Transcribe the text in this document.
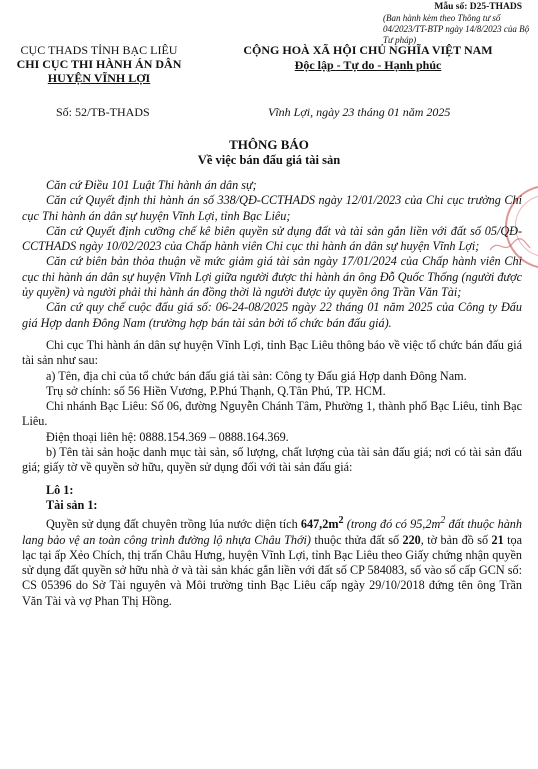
Mẫu số: D25-THADS
(Ban hành kèm theo Thông tư số 04/2023/TT-BTP ngày 14/8/2023 của Bộ Tư pháp)
CỤC THADS TỈNH BẠC LIÊU
CHI CỤC THI HÀNH ÁN DÂN
HUYỆN VĨNH LỢI
CỘNG HOÀ XÃ HỘI CHỦ NGHĨA VIỆT NAM
Độc lập - Tự do - Hạnh phúc
Số: 52/TB-THADS	Vĩnh Lợi, ngày 23 tháng 01 năm 2025
THÔNG BÁO
Về việc bán đấu giá tài sản

Căn cứ Điều 101 Luật Thi hành án dân sự;

Căn cứ Quyết định thi hành án số 338/QĐ-CCTHADS ngày 12/01/2023 của Chi cục trưởng Chi cục Thi hành án dân sự huyện Vĩnh Lợi, tỉnh Bạc Liêu;

Căn cứ Quyết định cưỡng chế kê biên quyền sử dụng đất và tài sản gắn liền với đất số 05/QĐ-CCTHADS ngày 10/02/2023 của Chấp hành viên Chi cục thi hành án dân sự huyện Vĩnh Lợi;

Căn cứ biên bản thỏa thuận về mức giảm giá tài sản ngày 17/01/2024 của Chấp hành viên Chi cục thi hành án dân sự huyện Vĩnh Lợi giữa người được thi hành án ông Đỗ Quốc Thống (người được ủy quyền) và người phải thi hành án đồng thời là người được ủy quyền ông Trần Văn Tài;

Căn cứ quy chế cuộc đấu giá số: 06-24-08/2025 ngày 22 tháng 01 năm 2025 của Công ty Đấu giá Hợp danh Đông Nam (trường hợp bán tài sản bởi tổ chức bán đấu giá).

Chi cục Thi hành án dân sự huyện Vĩnh Lợi, tỉnh Bạc Liêu thông báo về việc tổ chức bán đấu giá tài sản như sau:

a) Tên, địa chỉ của tổ chức bán đấu giá tài sản: Công ty Đấu giá Hợp danh Đông Nam.

Trụ sở chính: số 56 Hiền Vương, P.Phú Thạnh, Q.Tân Phú, TP. HCM.

Chi nhánh Bạc Liêu: Số 06, đường Nguyễn Chánh Tâm, Phường 1, thành phố Bạc Liêu, tỉnh Bạc Liêu.

Điện thoại liên hệ: 0888.154.369 – 0888.164.369.

b) Tên tài sản hoặc danh mục tài sản, số lượng, chất lượng của tài sản đấu giá; nơi có tài sản đấu giá; giấy tờ về quyền sở hữu, quyền sử dụng đối với tài sản đấu giá:

Lô 1:

Tài sản 1:

Quyền sử dụng đất chuyên trồng lúa nước diện tích $647,2m^2$ (trong đó có $95,2m^2$ đất thuộc hành lang bảo vệ an toàn công trình đường lộ nhựa Châu Thới) thuộc thửa đất số 220, tờ bản đồ số 21 tọa lạc tại ấp Xẻo Chích, thị trấn Châu Hưng, huyện Vĩnh Lợi, tỉnh Bạc Liêu theo Giấy chứng nhận quyền sử dụng đất quyền sở hữu nhà ở và tài sản khác gắn liền với đất số CP 584083, số vào sổ cấp GCN số: CS 05396 do Sở Tài nguyên và Môi trường tỉnh Bạc Liêu cấp ngày 29/10/2018 đứng tên ông Trần Văn Tài và vợ Phan Thị Hồng.
